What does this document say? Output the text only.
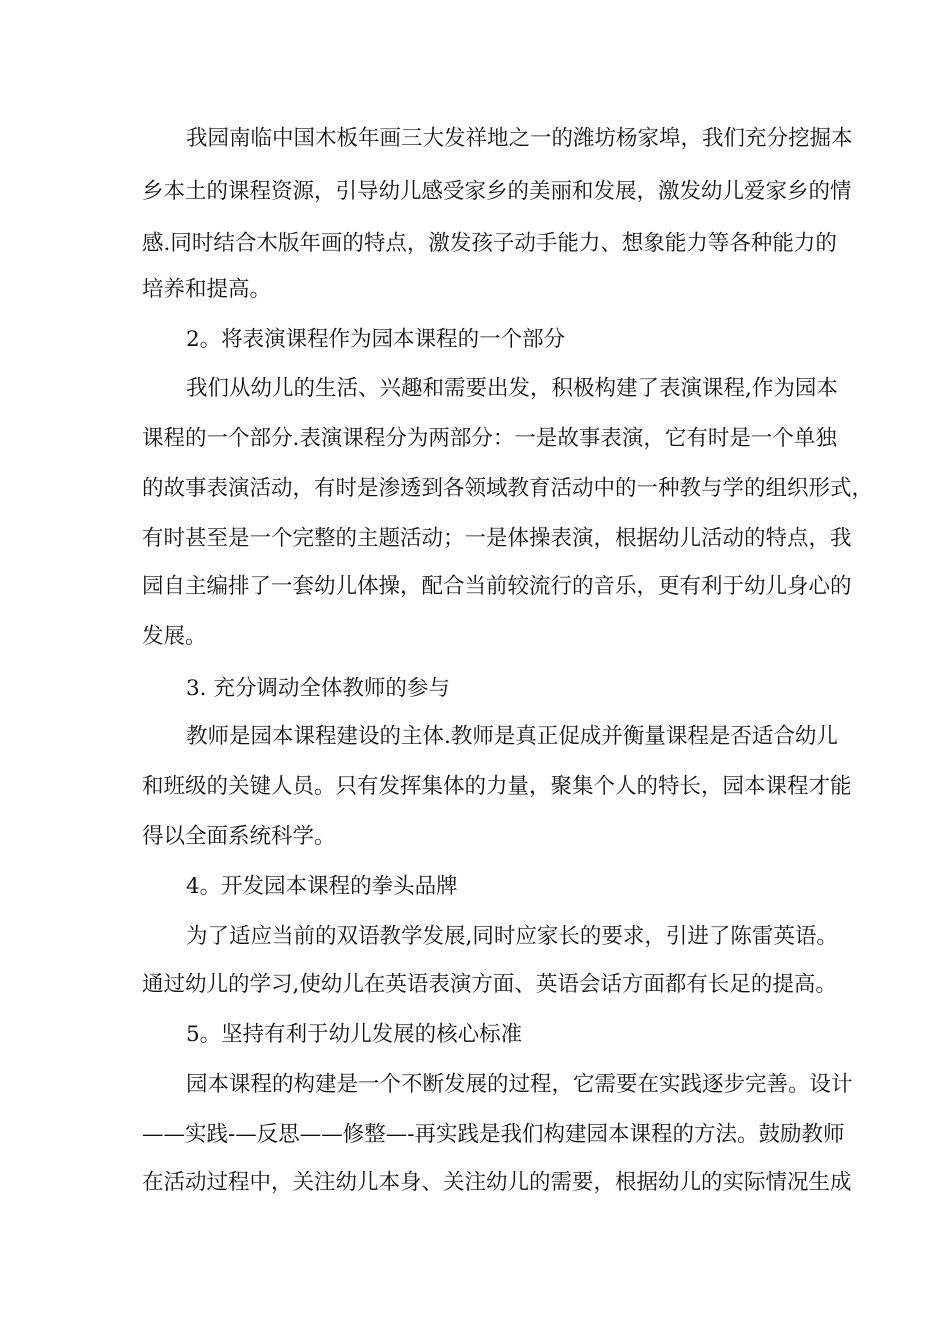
我园南临中国木板年画三大发祥地之一的潍坊杨家埠，我们充分挖掘本
乡本土的课程资源，引导幼儿感受家乡的美丽和发展，激发幼儿爱家乡的情
感.同时结合木版年画的特点，激发孩子动手能力、想象能力等各种能力的
培养和提高。
2。将表演课程作为园本课程的一个部分
我们从幼儿的生活、兴趣和需要出发，积极构建了表演课程,作为园本
课程的一个部分.表演课程分为两部分：一是故事表演，它有时是一个单独
的故事表演活动，有时是渗透到各领域教育活动中的一种教与学的组织形式，
有时甚至是一个完整的主题活动；一是体操表演，根据幼儿活动的特点，我
园自主编排了一套幼儿体操，配合当前较流行的音乐，更有利于幼儿身心的
发展。
3. 充分调动全体教师的参与
教师是园本课程建设的主体.教师是真正促成并衡量课程是否适合幼儿
和班级的关键人员。只有发挥集体的力量，聚集个人的特长，园本课程才能
得以全面系统科学。
4。开发园本课程的拳头品牌
为了适应当前的双语教学发展,同时应家长的要求，引进了陈雷英语。
通过幼儿的学习,使幼儿在英语表演方面、英语会话方面都有长足的提高。
5。坚持有利于幼儿发展的核心标准
园本课程的构建是一个不断发展的过程，它需要在实践逐步完善。设计
——实践-—反思——修整—-再实践是我们构建园本课程的方法。鼓励教师
在活动过程中，关注幼儿本身、关注幼儿的需要，根据幼儿的实际情况生成
